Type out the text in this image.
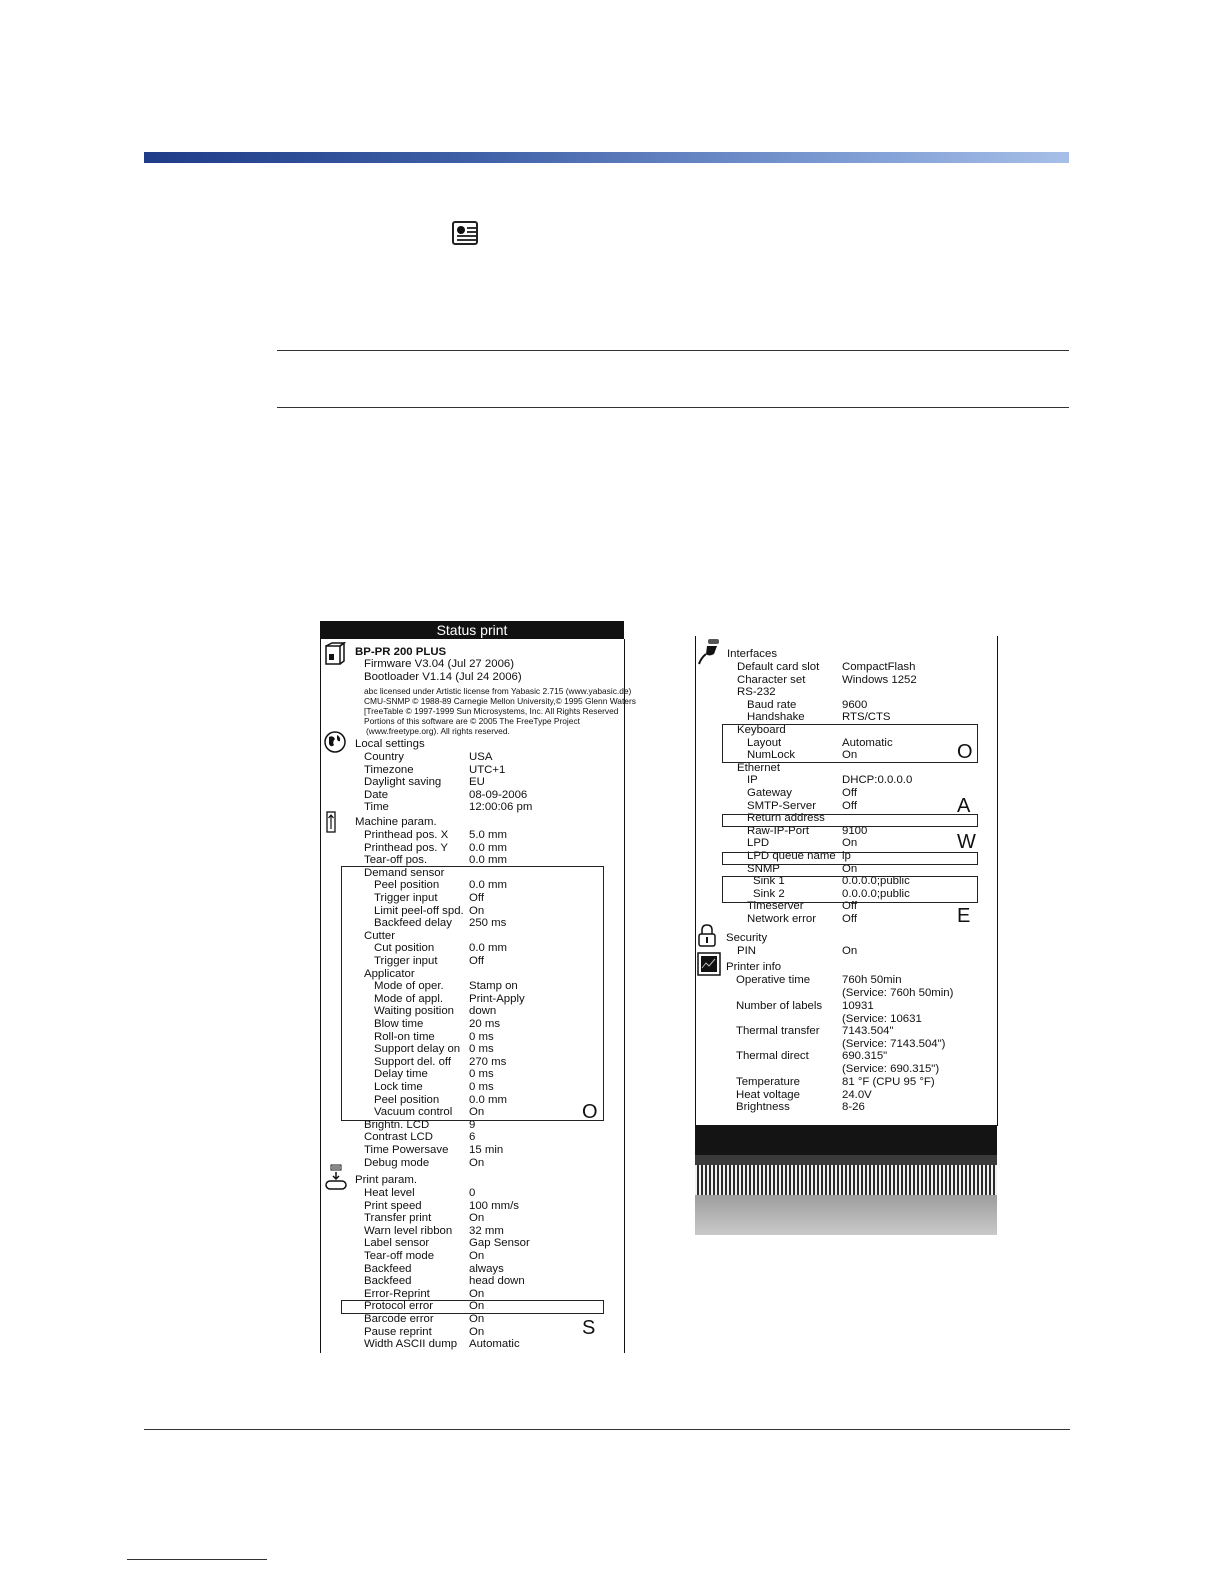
Status print
BP-PR 200 PLUS
Firmware V3.04 (Jul 27 2006)
Bootloader V1.14 (Jul 24 2006)
abc licensed under Artistic license from Yabasic 2.715 (www.yabasic.de)
CMU-SNMP © 1988-89 Carnegie Mellon University,© 1995 Glenn Waters
[TreeTable © 1997-1999 Sun Microsystems, Inc. All Rights Reserved
Portions of this software are © 2005 The FreeType Project
(www.freetype.org). All rights reserved.
Local settings
Country	USA
Timezone	UTC+1
Daylight saving EU
Date	08-09-2006
Time	12:00:06 pm
Machine param.
Printhead pos. X 5.0 mm
Printhead pos. Y 0.0 mm
Tear-off pos.	0.0 mm
Demand sensor
Peel position	0.0 mm
Trigger input	Off
Limit peel-off spd. On
Backfeed delay 250 ms
Cutter
Cut position	0.0 mm
Trigger input	Off
Applicator
Mode of oper. Stamp on
Mode of appl. Print-Apply
Waiting position down
Blow time	20 ms
Roll-on time	0 ms
Support delay on 0 ms
Support del. off 270 ms
Delay time	0 ms
Lock time	0 ms
Peel position	0.0 mm
Vacuum control On
Brightn. LCD	9
Contrast LCD	6
Time Powersave 15 min
Debug mode	On
O
Print param.
Heat level	0
Print speed	100 mm/s
Transfer print	On
Warn level ribbon 32 mm
Label sensor	Gap Sensor
Tear-off mode	On
Backfeed	always
Backfeed	head down
Error-Reprint	On
Protocol error	On
Barcode error	On
Pause reprint	On
Width ASCII dump Automatic
S
Interfaces
Default card slot CompactFlash
Character set	Windows 1252
RS-232
Baud rate	9600
Handshake	RTS/CTS
Keyboard
Layout	Automatic
NumLock	On
Ethernet
IP	DHCP:0.0.0.0
Gateway	Off
SMTP-Server Off
Return address
Raw-IP-Port	9100
LPD	On
LPD queue name lp
SNMP	On
Sink 1	0.0.0.0;public
Sink 2	0.0.0.0;public
Timeserver	Off
Network error Off
O
A
W
E
Security
PIN	On
Printer info
Operative time	760h 50min
(Service: 760h 50min)
Number of labels 10931
(Service: 10631
Thermal transfer 7143.504"
(Service: 7143.504")
Thermal direct	690.315"
(Service: 690.315")
Temperature	81 °F (CPU 95 °F)
Heat voltage	24.0V
Brightness	8-26
